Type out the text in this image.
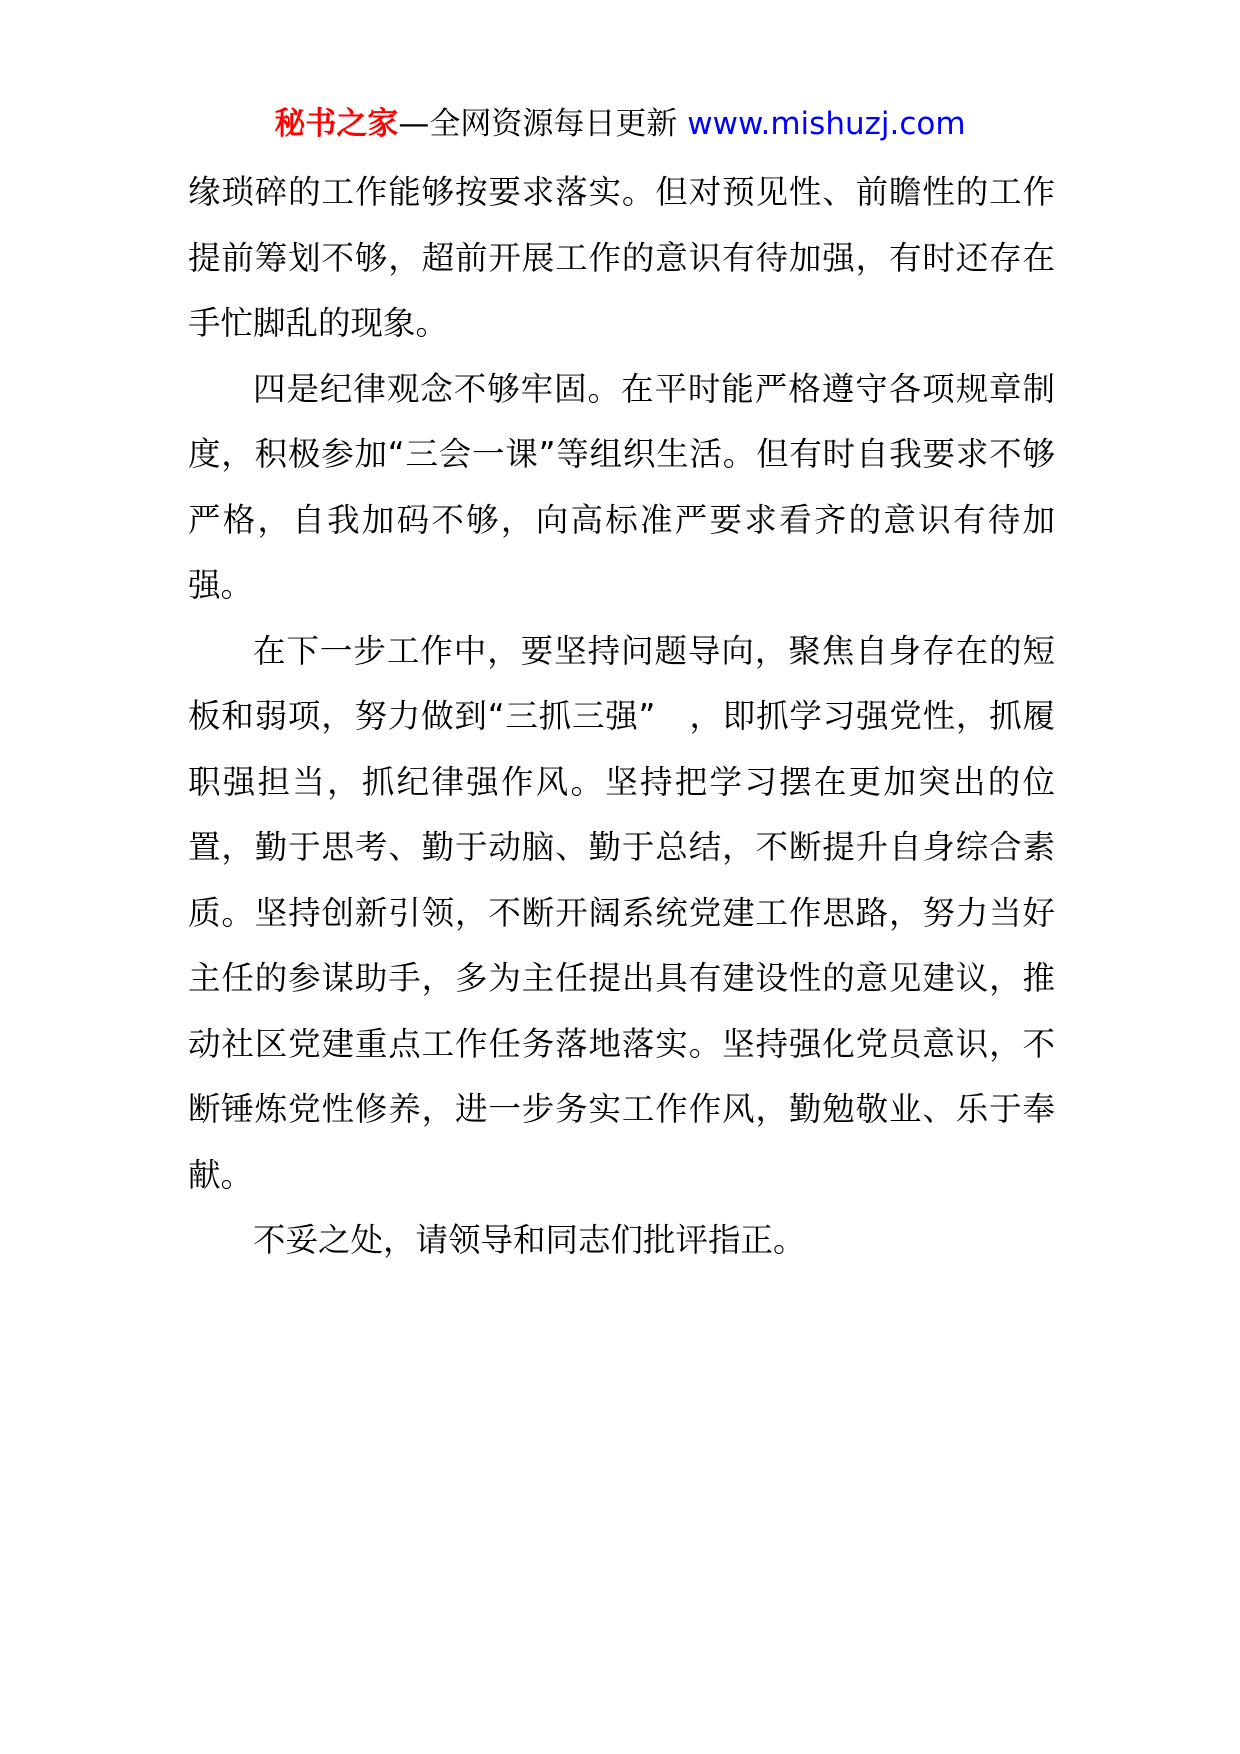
秘书之家—全网资源每日更新 www.mishuzj.com

缘琐碎的工作能够按要求落实。但对预见性、前瞻性的工作提前筹划不够，超前开展工作的意识有待加强，有时还存在手忙脚乱的现象。

四是纪律观念不够牢固。在平时能严格遵守各项规章制度，积极参加“三会一课”等组织生活。但有时自我要求不够严格，自我加码不够，向高标准严要求看齐的意识有待加强。

在下一步工作中，要坚持问题导向，聚焦自身存在的短板和弱项，努力做到“三抓三强”　，即抓学习强党性，抓履职强担当，抓纪律强作风。坚持把学习摆在更加突出的位置，勤于思考、勤于动脑、勤于总结，不断提升自身综合素质。坚持创新引领，不断开阔系统党建工作思路，努力当好主任的参谋助手，多为主任提出具有建设性的意见建议，推动社区党建重点工作任务落地落实。坚持强化党员意识，不断锤炼党性修养，进一步务实工作作风，勤勉敬业、乐于奉献。

不妥之处，请领导和同志们批评指正。
